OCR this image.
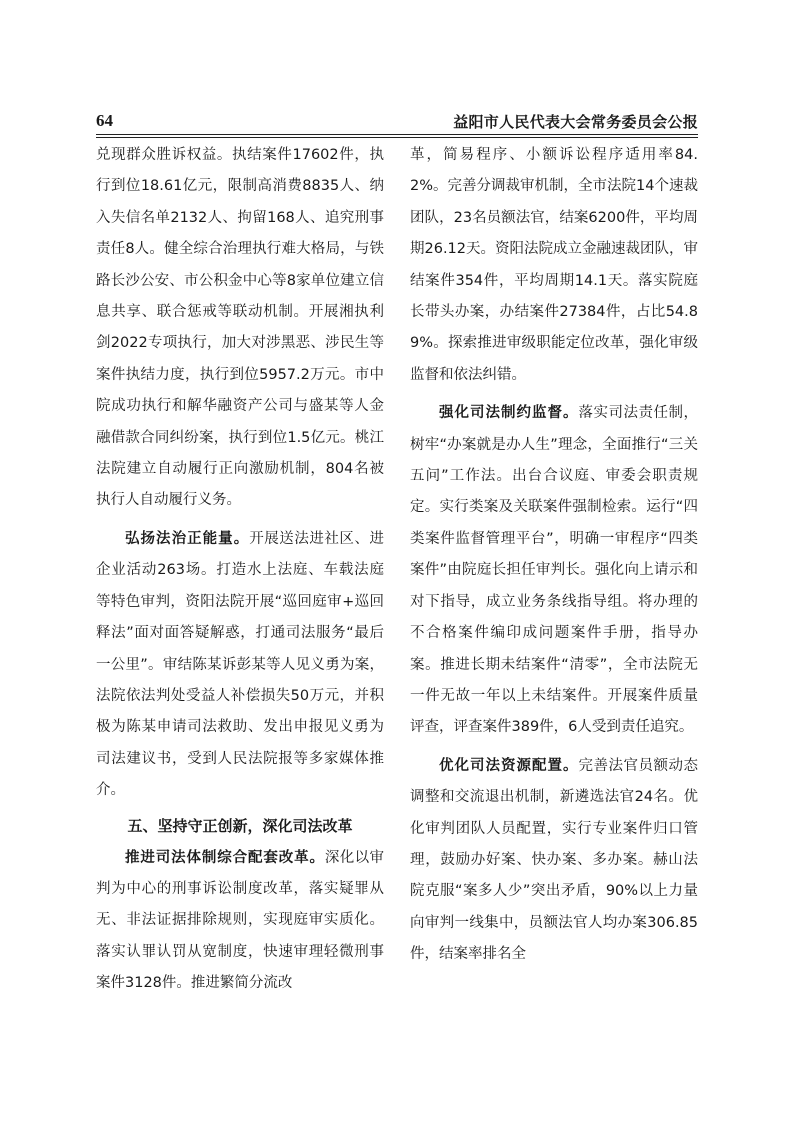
64	益阳市人民代表大会常务委员会公报

兑现群众胜诉权益。执结案件17602件，执行到位18.61亿元，限制高消费8835人、纳入失信名单2132人、拘留168人、追究刑事责任8人。健全综合治理执行难大格局，与铁路长沙公安、市公积金中心等8家单位建立信息共享、联合惩戒等联动机制。开展湘执利剑2022专项执行，加大对涉黑恶、涉民生等案件执结力度，执行到位5957.2万元。市中院成功执行和解华融资产公司与盛某等人金融借款合同纠纷案，执行到位1.5亿元。桃江法院建立自动履行正向激励机制，804名被执行人自动履行义务。

弘扬法治正能量。开展送法进社区、进企业活动263场。打造水上法庭、车载法庭等特色审判，资阳法院开展“巡回庭审+巡回释法”面对面答疑解惑，打通司法服务“最后一公里”。审结陈某诉彭某等人见义勇为案，法院依法判处受益人补偿损失50万元，并积极为陈某申请司法救助、发出申报见义勇为司法建议书，受到人民法院报等多家媒体推介。

五、坚持守正创新，深化司法改革

推进司法体制综合配套改革。深化以审判为中心的刑事诉讼制度改革，落实疑罪从无、非法证据排除规则，实现庭审实质化。落实认罪认罚从宽制度，快速审理轻微刑事案件3128件。推进繁简分流改

革，简易程序、小额诉讼程序适用率84.2%。完善分调裁审机制，全市法院14个速裁团队，23名员额法官，结案6200件，平均周期26.12天。资阳法院成立金融速裁团队，审结案件354件，平均周期14.1天。落实院庭长带头办案，办结案件27384件，占比54.89%。探索推进审级职能定位改革，强化审级监督和依法纠错。

强化司法制约监督。落实司法责任制，树牢“办案就是办人生”理念，全面推行“三关五问”工作法。出台合议庭、审委会职责规定。实行类案及关联案件强制检索。运行“四类案件监督管理平台”，明确一审程序“四类案件”由院庭长担任审判长。强化向上请示和对下指导，成立业务条线指导组。将办理的不合格案件编印成问题案件手册，指导办案。推进长期未结案件“清零”，全市法院无一件无故一年以上未结案件。开展案件质量评查，评查案件389件，6人受到责任追究。

优化司法资源配置。完善法官员额动态调整和交流退出机制，新遴选法官24名。优化审判团队人员配置，实行专业案件归口管理，鼓励办好案、快办案、多办案。赫山法院克服“案多人少”突出矛盾，90%以上力量向审判一线集中，员额法官人均办案306.85件，结案率排名全
